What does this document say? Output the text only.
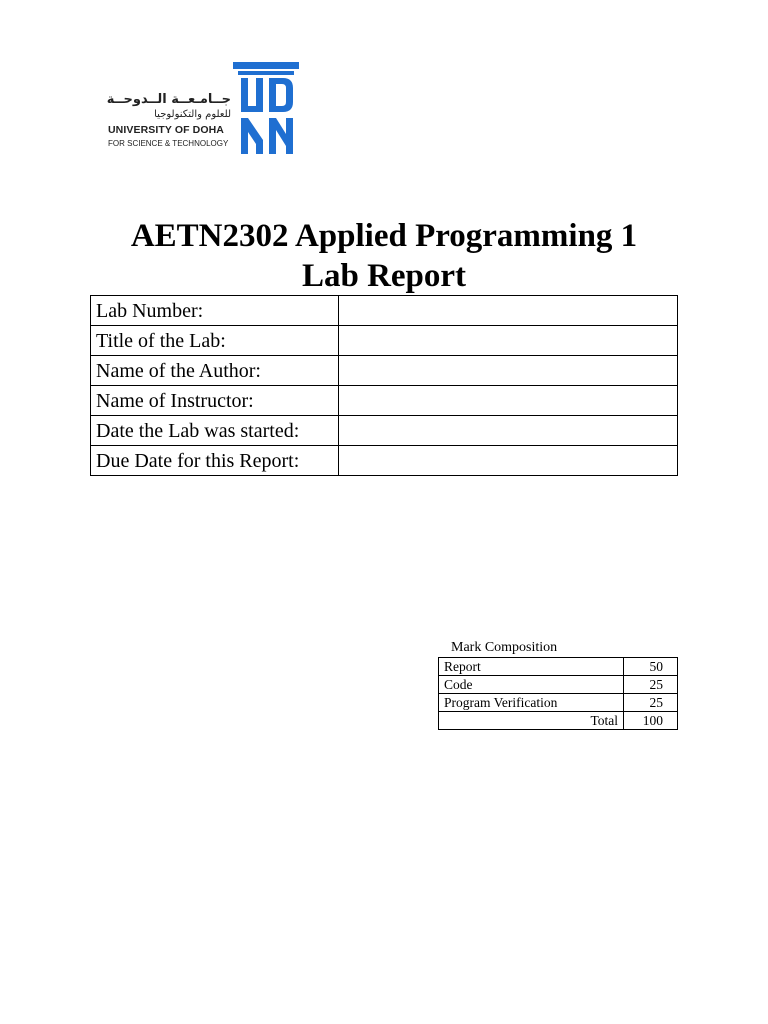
جــامـعــة الــدوحــة
للعلوم والتكنولوجيا
UNIVERSITY OF DOHA
FOR SCIENCE & TECHNOLOGY
AETN2302 Applied Programming 1
Lab Report
Lab Number:	
Title of the Lab:	
Name of the Author:	
Name of Instructor:	
Date the Lab was started:	
Due Date for this Report:	
Mark Composition
Report	50
Code	25
Program Verification	25
Total	100
